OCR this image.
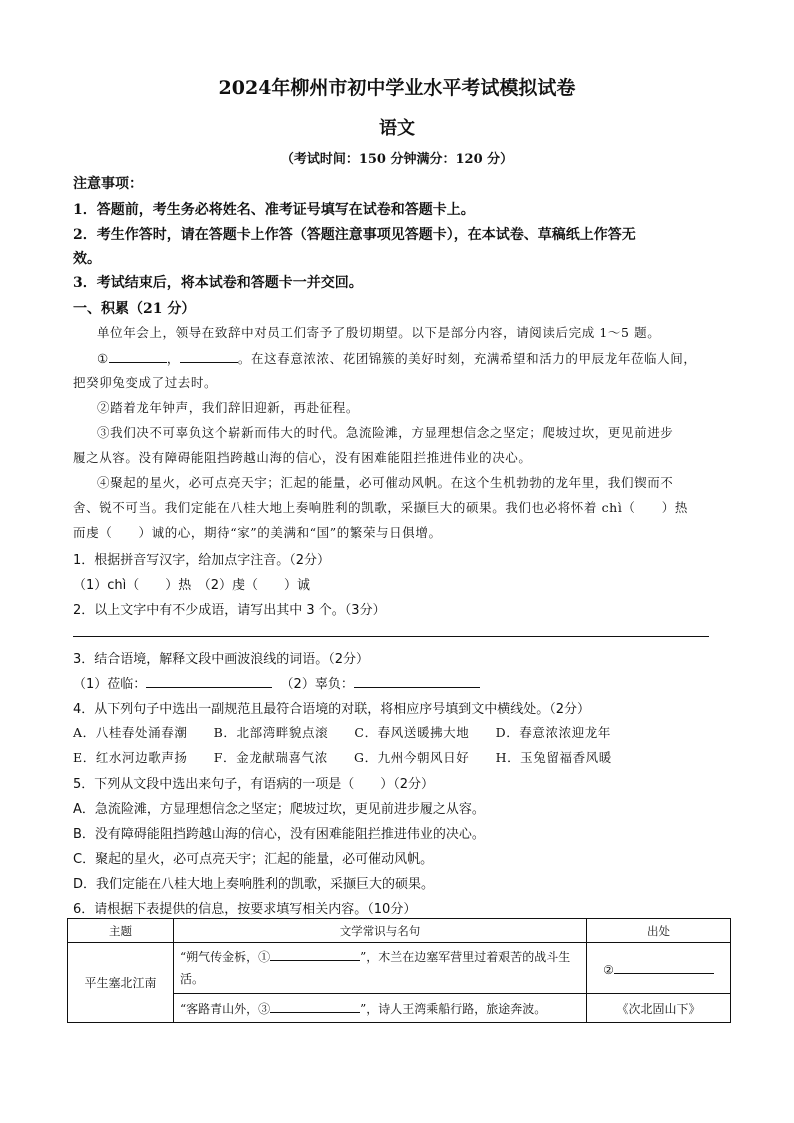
2024年柳州市初中学业水平考试模拟试卷
语文
（考试时间：150 分钟满分：120 分）
注意事项：
1．答题前，考生务必将姓名、准考证号填写在试卷和答题卡上。
2．考生作答时，请在答题卡上作答（答题注意事项见答题卡），在本试卷、草稿纸上作答无
效。
3．考试结束后，将本试卷和答题卡一并交回。
一、积累（21 分）
单位年会上，领导在致辞中对员工们寄予了殷切期望。以下是部分内容，请阅读后完成 1～5 题。
①	，	。在这春意浓浓、花团锦簇的美好时刻，充满希望和活力的甲辰龙年莅临人间，
把癸卯兔变成了过去时。
②踏着龙年钟声，我们辞旧迎新，再赴征程。
③我们决不可辜负这个崭新而伟大的时代。急流险滩，方显理想信念之坚定；爬坡过坎，更见前进步
履之从容。没有障碍能阻挡跨越山海的信心，没有困难能阻拦推进伟业的决心。
④聚起的星火，必可点亮天宇；汇起的能量，必可催动风帆。在这个生机勃勃的龙年里，我们锲而不
舍、锐不可当。我们定能在八桂大地上奏响胜利的凯歌，采撷巨大的硕果。我们也必将怀着 chì（　　）热
而虔（　　）诚的心，期待“家”的美满和“国”的繁荣与日俱增。
1．根据拼音写汉字，给加点字注音。（2分）
（1）chì（　　）热　（2）虔（　　）诚
2．以上文字中有不少成语，请写出其中 3 个。（3分）
3．结合语境，解释文段中画波浪线的词语。（2分）
（1）莅临：	（2）辜负：
4．从下列句子中选出一副规范且最符合语境的对联，将相应序号填到文中横线处。（2分）
A．八桂春处涌春潮　　B．北部湾畔貌点滚　　C．春风送暖拂大地　　D．春意浓浓迎龙年
E．红水河边歌声扬　　F．金龙献瑞喜气浓　　G．九州今朝风日好　　H．玉兔留福香风暖
5．下列从文段中选出来句子，有语病的一项是（　　）（2分）
A．急流险滩，方显理想信念之坚定；爬坡过坎，更见前进步履之从容。
B．没有障碍能阻挡跨越山海的信心，没有困难能阻拦推进伟业的决心。
C．聚起的星火，必可点亮天宇；汇起的能量，必可催动风帆。
D．我们定能在八桂大地上奏响胜利的凯歌，采撷巨大的硕果。
6．请根据下表提供的信息，按要求填写相关内容。（10分）
主题	文学常识与名句	出处
平生塞北江南	“朔气传金柝，① ”，木兰在边塞军营里过着艰苦的战斗生活。	②
	“客路青山外，③ ”，诗人王湾乘船行路，旅途奔波。	《次北固山下》
